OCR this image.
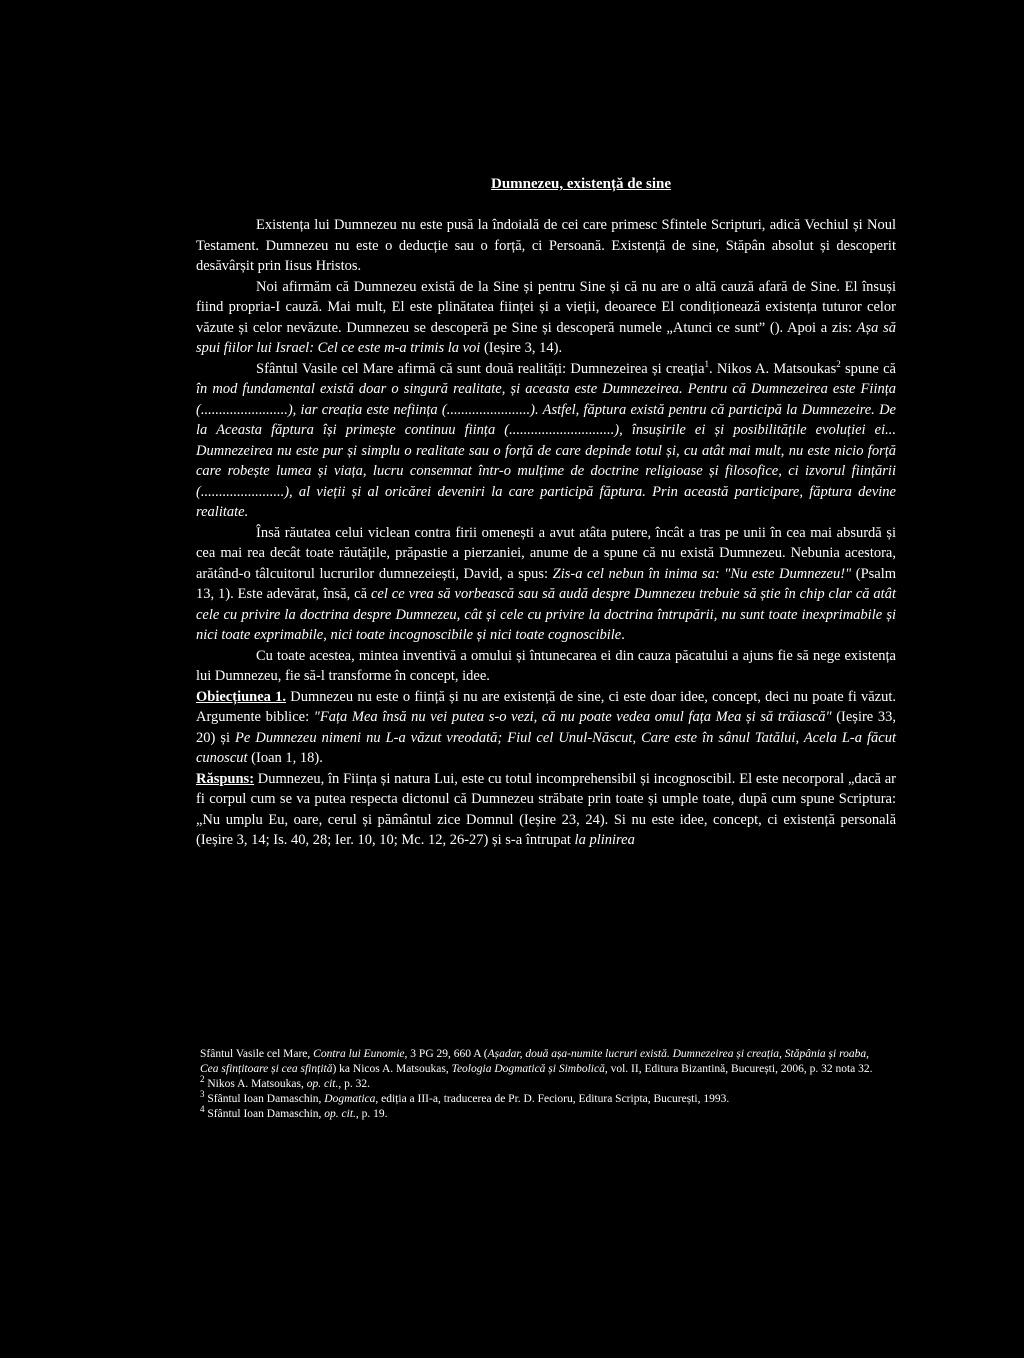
Dumnezeu, existență de sine

Existența lui Dumnezeu nu este pusă la îndoială de cei care primesc Sfintele Scripturi, adică Vechiul și Noul Testament. Dumnezeu nu este o deducție sau o forță, ci Persoană. Existență de sine, Stăpân absolut și descoperit desăvârșit prin Iisus Hristos.

Noi afirmăm că Dumnezeu există de la Sine și pentru Sine și că nu are o altă cauză afară de Sine. El însuși fiind propria-I cauză. Mai mult, El este plinătatea ființei și a vieții, deoarece El condiționează existența tuturor celor văzute și celor nevăzute. Dumnezeu se descoperă pe Sine și descoperă numele „Atunci ce sunt” (). Apoi a zis: Așa să spui fiilor lui Israel: Cel ce este m-a trimis la voi (Ieșire 3, 14).

Sfântul Vasile cel Mare afirmă că sunt două realități: Dumnezeirea și creația$^1$. Nikos A. Matsoukas$^2$ spune că în mod fundamental există doar o singură realitate, și aceasta este Dumnezeirea. Pentru că Dumnezeirea este Ființa (........................), iar creația este neființa (.......................). Astfel, făptura există pentru că participă la Dumnezeire. De la Aceasta făptura își primește continuu ființa (.............................), însușirile ei și posibilitățile evoluției ei... Dumnezeirea nu este pur și simplu o realitate sau o forță de care depinde totul și, cu atât mai mult, nu este nicio forță care robește lumea și viața, lucru consemnat într-o mulțime de doctrine religioase și filosofice, ci izvorul ființării (.......................), al vieții și al oricărei deveniri la care participă făptura. Prin această participare, făptura devine realitate.

Însă răutatea celui viclean contra firii omenești a avut atâta putere, încât a tras pe unii în cea mai absurdă și cea mai rea decât toate răutățile, prăpastie a pierzaniei, anume de a spune că nu există Dumnezeu. Nebunia acestora, arătând-o tâlcuitorul lucrurilor dumnezeiești, David, a spus: Zis-a cel nebun în inima sa: "Nu este Dumnezeu!" (Psalm 13, 1). Este adevărat, însă, că cel ce vrea să vorbească sau să audă despre Dumnezeu trebuie să știe în chip clar că atât cele cu privire la doctrina despre Dumnezeu, cât și cele cu privire la doctrina întrupării, nu sunt toate inexprimabile și nici toate exprimabile, nici toate incognoscibile și nici toate cognoscibile.

Cu toate acestea, mintea inventivă a omului și întunecarea ei din cauza păcatului a ajuns fie să nege existența lui Dumnezeu, fie să-l transforme în concept, idee.

Obiecțiunea 1. Dumnezeu nu este o ființă și nu are existență de sine, ci este doar idee, concept, deci nu poate fi văzut. Argumente biblice: "Fața Mea însă nu vei putea s-o vezi, că nu poate vedea omul fața Mea și să trăiască" (Ieșire 33, 20) și Pe Dumnezeu nimeni nu L-a văzut vreodată; Fiul cel Unul-Născut, Care este în sânul Tatălui, Acela L-a făcut cunoscut (Ioan 1, 18).

Răspuns: Dumnezeu, în Ființa și natura Lui, este cu totul incomprehensibil și incognoscibil. El este necorporal „dacă ar fi corpul cum se va putea respecta dictonul că Dumnezeu străbate prin toate și umple toate, după cum spune Scriptura: „Nu umplu Eu, oare, cerul și pământul zice Domnul (Ieșire 23, 24). Si nu este idee, concept, ci existență personală (Ieșire 3, 14; Is. 40, 28; Ier. 10, 10; Mc. 12, 26-27) și s-a întrupat la plinirea

Sfântul Vasile cel Mare, Contra lui Eunomie, 3 PG 29, 660 A (Așadar, două așa-numite lucruri există. Dumnezeirea și creația, Stăpânia și roaba, Cea sfințitoare și cea sfințită) ka Nicos A. Matsoukas, Teologia Dogmatică și Simbolică, vol. II, Editura Bizantină, București, 2006, p. 32 nota 32.

$^2$ Nikos A. Matsoukas, op. cit., p. 32.

$^3$ Sfântul Ioan Damaschin, Dogmatica, ediția a III-a, traducerea de Pr. D. Fecioru, Editura Scripta, București, 1993.

$^4$ Sfântul Ioan Damaschin, op. cit., p. 19.
